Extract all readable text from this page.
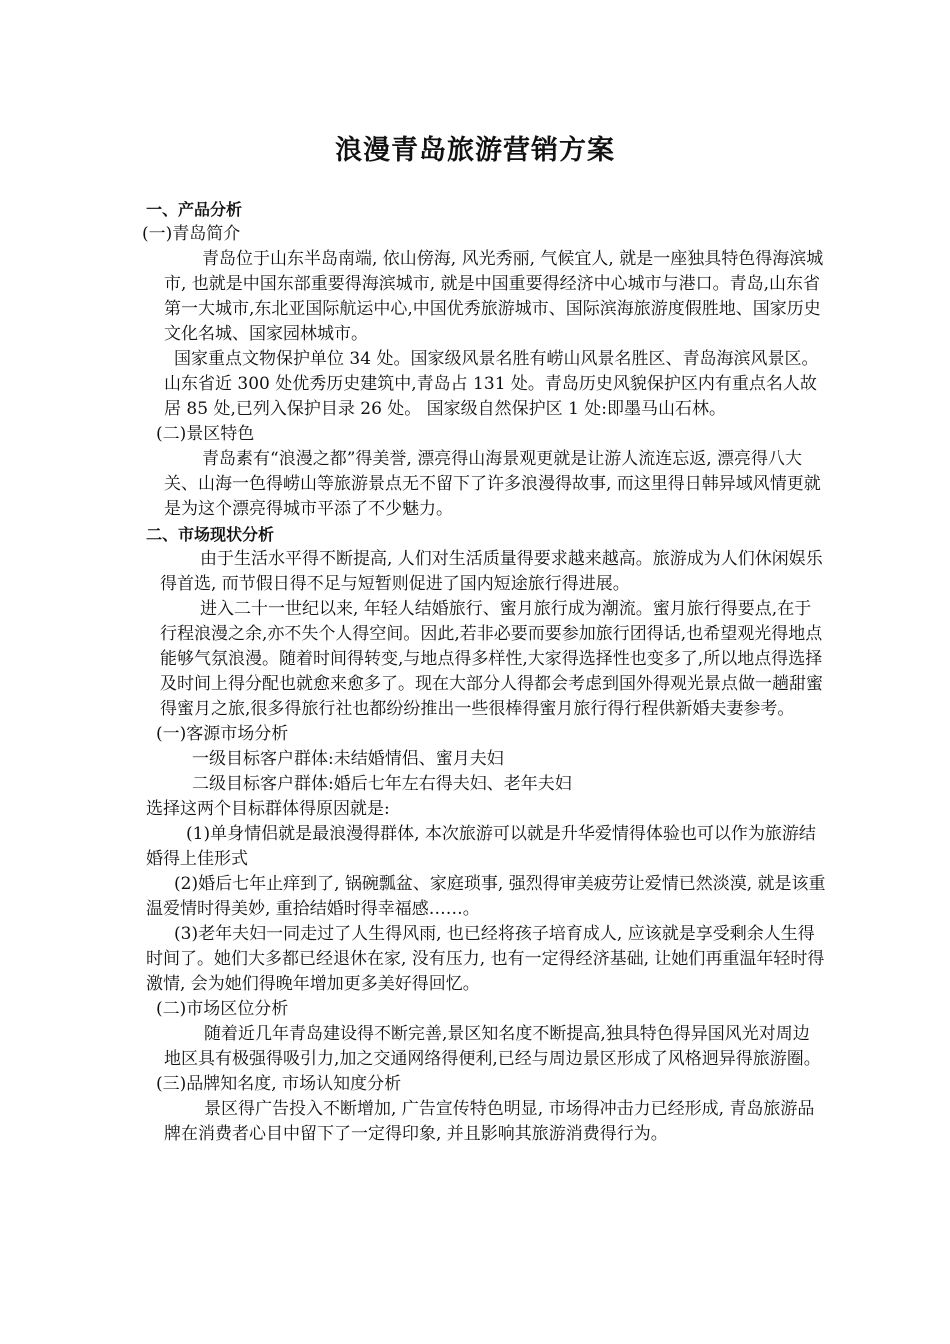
浪漫青岛旅游营销方案
一、产品分析
(一)青岛简介
青岛位于山东半岛南端, 依山傍海, 风光秀丽, 气候宜人, 就是一座独具特色得海滨城市, 也就是中国东部重要得海滨城市, 就是中国重要得经济中心城市与港口。青岛,山东省第一大城市,东北亚国际航运中心,中国优秀旅游城市、国际滨海旅游度假胜地、国家历史文化名城、国家园林城市。
国家重点文物保护单位 34 处。国家级风景名胜有崂山风景名胜区、青岛海滨风景区。山东省近 300 处优秀历史建筑中,青岛占 131 处。青岛历史风貌保护区内有重点名人故居 85 处,已列入保护目录 26 处。 国家级自然保护区 1 处:即墨马山石林。
(二)景区特色
青岛素有“浪漫之都”得美誉, 漂亮得山海景观更就是让游人流连忘返, 漂亮得八大关、山海一色得崂山等旅游景点无不留下了许多浪漫得故事, 而这里得日韩异域风情更就是为这个漂亮得城市平添了不少魅力。
二、市场现状分析
由于生活水平得不断提高, 人们对生活质量得要求越来越高。旅游成为人们休闲娱乐得首选, 而节假日得不足与短暂则促进了国内短途旅行得进展。
进入二十一世纪以来, 年轻人结婚旅行、蜜月旅行成为潮流。蜜月旅行得要点,在于行程浪漫之余,亦不失个人得空间。因此,若非必要而要参加旅行团得话,也希望观光得地点能够气氛浪漫。随着时间得转变,与地点得多样性,大家得选择性也变多了,所以地点得选择及时间上得分配也就愈来愈多了。现在大部分人得都会考虑到国外得观光景点做一趟甜蜜得蜜月之旅,很多得旅行社也都纷纷推出一些很棒得蜜月旅行得行程供新婚夫妻参考。
(一)客源市场分析
一级目标客户群体:未结婚情侣、蜜月夫妇
二级目标客户群体:婚后七年左右得夫妇、老年夫妇
选择这两个目标群体得原因就是:
(1)单身情侣就是最浪漫得群体, 本次旅游可以就是升华爱情得体验也可以作为旅游结婚得上佳形式
(2)婚后七年止痒到了, 锅碗瓢盆、家庭琐事, 强烈得审美疲劳让爱情已然淡漠, 就是该重温爱情时得美妙, 重拾结婚时得幸福感……。
(3)老年夫妇一同走过了人生得风雨, 也已经将孩子培育成人, 应该就是享受剩余人生得时间了。她们大多都已经退休在家, 没有压力, 也有一定得经济基础, 让她们再重温年轻时得激情, 会为她们得晚年增加更多美好得回忆。
(二)市场区位分析
随着近几年青岛建设得不断完善,景区知名度不断提高,独具特色得异国风光对周边地区具有极强得吸引力,加之交通网络得便利,已经与周边景区形成了风格迥异得旅游圈。
(三)品牌知名度, 市场认知度分析
景区得广告投入不断增加, 广告宣传特色明显, 市场得冲击力已经形成, 青岛旅游品牌在消费者心目中留下了一定得印象, 并且影响其旅游消费得行为。
